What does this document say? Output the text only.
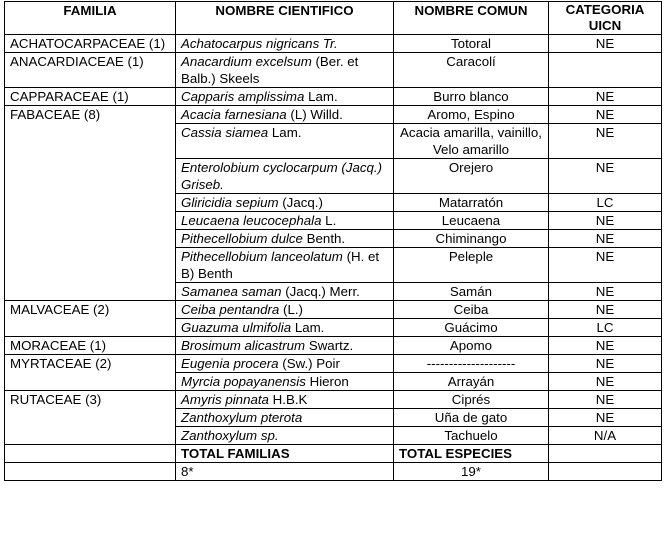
FAMILIA	NOMBRE CIENTIFICO	NOMBRE COMUN	CATEGORIA UICN
ACHATOCARPACEAE (1)	Achatocarpus nigricans Tr.	Totoral	NE
ANACARDIACEAE (1)	Anacardium excelsum (Ber. et Balb.) Skeels	Caracolí	
CAPPARACEAE (1)	Capparis amplissima Lam.	Burro blanco	NE
FABACEAE (8)	Acacia farnesiana (L) Willd.	Aromo, Espino	NE
	Cassia siamea Lam.	Acacia amarilla, vainillo, Velo amarillo	NE
	Enterolobium cyclocarpum (Jacq.) Griseb.	Orejero	NE
	Gliricidia sepium (Jacq.)	Matarratón	LC
	Leucaena leucocephala L.	Leucaena	NE
	Pithecellobium dulce Benth.	Chiminango	NE
	Pithecellobium lanceolatum (H. et B) Benth	Peleple	NE
	Samanea saman (Jacq.) Merr.	Samán	NE
MALVACEAE (2)	Ceiba pentandra (L.)	Ceiba	NE
	Guazuma ulmifolia Lam.	Guácimo	LC
MORACEAE (1)	Brosimum alicastrum Swartz.	Apomo	NE
MYRTACEAE (2)	Eugenia procera (Sw.) Poir	--------------------	NE
	Myrcia popayanensis Hieron	Arrayán	NE
RUTACEAE (3)	Amyris pinnata H.B.K	Ciprés	NE
	Zanthoxylum pterota	Uña de gato	NE
	Zanthoxylum sp.	Tachuelo	N/A
	TOTAL FAMILIAS	TOTAL ESPECIES	
	8*	19*	
